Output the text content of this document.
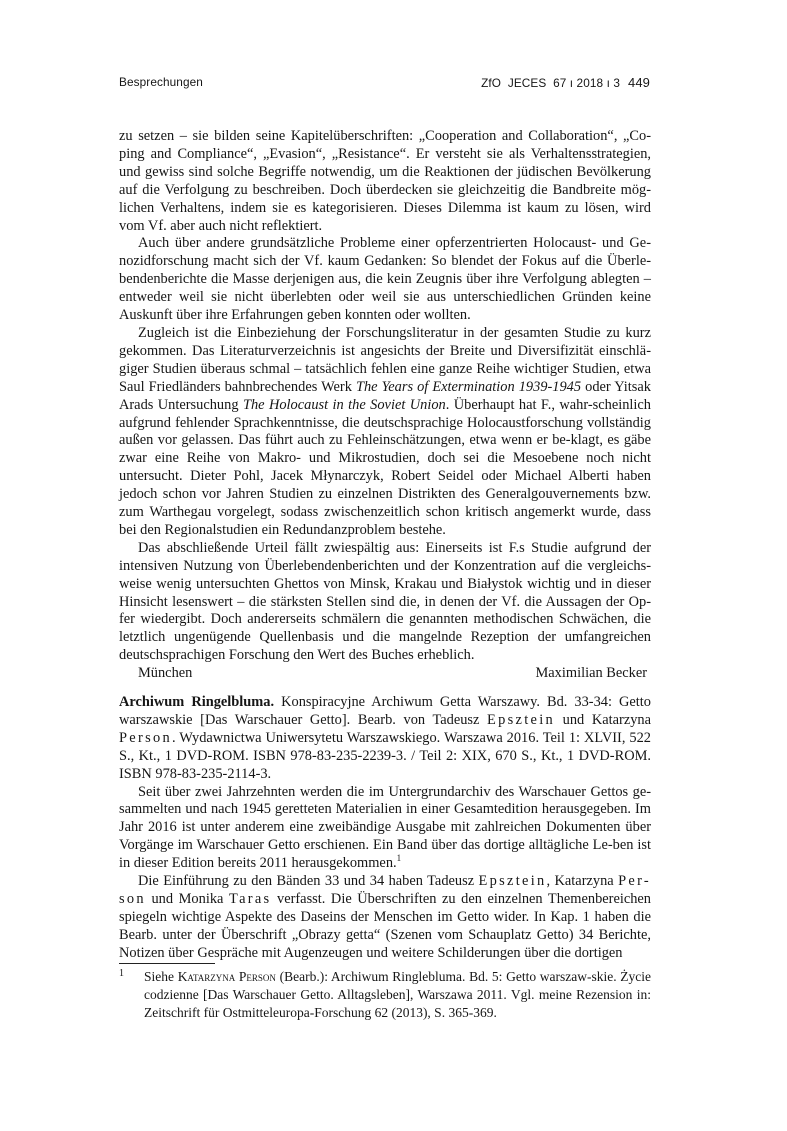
Besprechungen	ZfO  JECES  67 ı 2018 ı 3 449

zu setzen – sie bilden seine Kapitelüberschriften: „Cooperation and Collaboration“, „Co-ping and Compliance“, „Evasion“, „Resistance“. Er versteht sie als Verhaltensstrategien, und gewiss sind solche Begriffe notwendig, um die Reaktionen der jüdischen Bevölkerung auf die Verfolgung zu beschreiben. Doch überdecken sie gleichzeitig die Bandbreite mög-lichen Verhaltens, indem sie es kategorisieren. Dieses Dilemma ist kaum zu lösen, wird vom Vf. aber auch nicht reflektiert.

Auch über andere grundsätzliche Probleme einer opferzentrierten Holocaust- und Ge-nozidforschung macht sich der Vf. kaum Gedanken: So blendet der Fokus auf die Überle-bendenberichte die Masse derjenigen aus, die kein Zeugnis über ihre Verfolgung ablegten – entweder weil sie nicht überlebten oder weil sie aus unterschiedlichen Gründen keine Auskunft über ihre Erfahrungen geben konnten oder wollten.

Zugleich ist die Einbeziehung der Forschungsliteratur in der gesamten Studie zu kurz gekommen. Das Literaturverzeichnis ist angesichts der Breite und Diversifizität einschlä-giger Studien überaus schmal – tatsächlich fehlen eine ganze Reihe wichtiger Studien, etwa Saul Friedländers bahnbrechendes Werk The Years of Extermination 1939-1945 oder Yitsak Arads Untersuchung The Holocaust in the Soviet Union. Überhaupt hat F., wahr-scheinlich aufgrund fehlender Sprachkenntnisse, die deutschsprachige Holocaustforschung vollständig außen vor gelassen. Das führt auch zu Fehleinschätzungen, etwa wenn er be-klagt, es gäbe zwar eine Reihe von Makro- und Mikrostudien, doch sei die Mesoebene noch nicht untersucht. Dieter Pohl, Jacek Młynarczyk, Robert Seidel oder Michael Alberti haben jedoch schon vor Jahren Studien zu einzelnen Distrikten des Generalgouvernements bzw. zum Warthegau vorgelegt, sodass zwischenzeitlich schon kritisch angemerkt wurde, dass bei den Regionalstudien ein Redundanzproblem bestehe.

Das abschließende Urteil fällt zwiespältig aus: Einerseits ist F.s Studie aufgrund der intensiven Nutzung von Überlebendenberichten und der Konzentration auf die vergleichs-weise wenig untersuchten Ghettos von Minsk, Krakau und Białystok wichtig und in dieser Hinsicht lesenswert – die stärksten Stellen sind die, in denen der Vf. die Aussagen der Op-fer wiedergibt. Doch andererseits schmälern die genannten methodischen Schwächen, die letztlich ungenügende Quellenbasis und die mangelnde Rezeption der umfangreichen deutschsprachigen Forschung den Wert des Buches erheblich.

München	Maximilian Becker

Archiwum Ringelbluma. Konspiracyjne Archiwum Getta Warszawy. Bd. 33-34: Getto warszawskie [Das Warschauer Getto]. Bearb. von Tadeusz Epsztein und Katarzyna Person. Wydawnictwa Uniwersytetu Warszawskiego. Warszawa 2016. Teil 1: XLVII, 522 S., Kt., 1 DVD-ROM. ISBN 978-83-235-2239-3. / Teil 2: XIX, 670 S., Kt., 1 DVD-ROM. ISBN 978-83-235-2114-3.

Seit über zwei Jahrzehnten werden die im Untergrundarchiv des Warschauer Gettos ge-sammelten und nach 1945 geretteten Materialien in einer Gesamtedition herausgegeben. Im Jahr 2016 ist unter anderem eine zweibändige Ausgabe mit zahlreichen Dokumenten über Vorgänge im Warschauer Getto erschienen. Ein Band über das dortige alltägliche Le-ben ist in dieser Edition bereits 2011 herausgekommen.$^1$

Die Einführung zu den Bänden 33 und 34 haben Tadeusz Epsztein, Katarzyna Per-son und Monika Taras verfasst. Die Überschriften zu den einzelnen Themenbereichen spiegeln wichtige Aspekte des Daseins der Menschen im Getto wider. In Kap. 1 haben die Bearb. unter der Überschrift „Obrazy getta“ (Szenen vom Schauplatz Getto) 34 Berichte, Notizen über Gespräche mit Augenzeugen und weitere Schilderungen über die dortigen

1 Siehe Katarzyna Person (Bearb.): Archiwum Ringlebluma. Bd. 5: Getto warszaw-skie. Życie codzienne [Das Warschauer Getto. Alltagsleben], Warszawa 2011. Vgl. meine Rezension in: Zeitschrift für Ostmitteleuropa-Forschung 62 (2013), S. 365-369.
